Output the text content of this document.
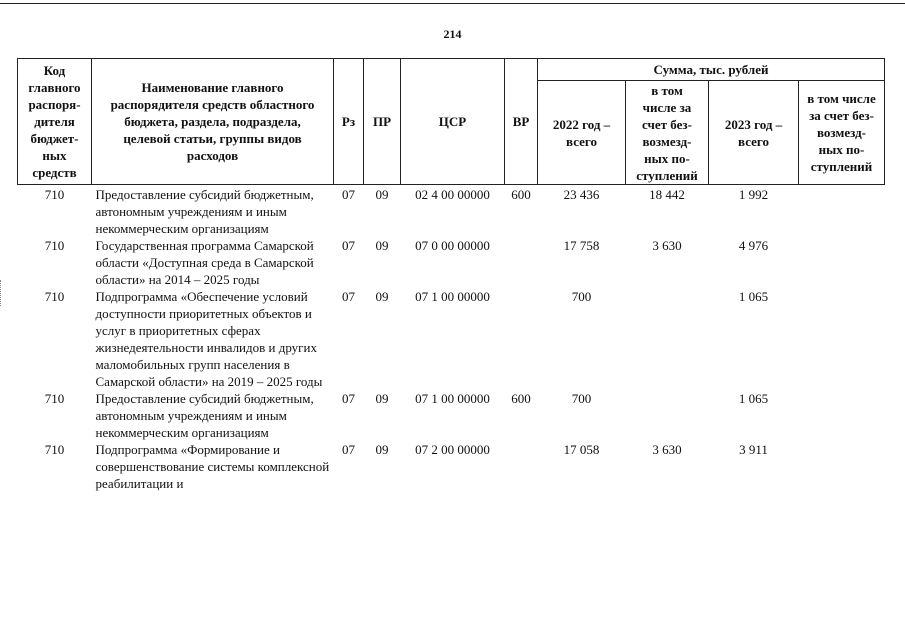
214
Код главного распоря-дителя бюджет-ных средств	Наименование главного распорядителя средств областного бюджета, раздела, подраздела, целевой статьи, группы видов расходов	Рз	ПР	ЦСР	ВР	Сумма, тыс. рублей			
						2022 год – всего	в том числе за счет без-возмезд-ных по-ступлений	2023 год – всего	в том числе за счет без-возмезд-ных по-ступлений
710	Предоставление субсидий бюджетным, автономным учреждениям и иным некоммерческим организациям	07	09	02 4 00 00000	600	23 436	18 442	1 992	
710	Государственная программа Самарской области «Доступная среда в Самарской области» на 2014 – 2025 годы	07	09	07 0 00 00000		17 758	3 630	4 976	
710	Подпрограмма «Обеспечение условий доступности приоритетных объектов и услуг в приоритетных сферах жизнедеятельности инвалидов и других маломобильных групп населения в Самарской области» на 2019 – 2025 годы	07	09	07 1 00 00000		700		1 065	
710	Предоставление субсидий бюджетным, автономным учреждениям и иным некоммерческим организациям	07	09	07 1 00 00000	600	700		1 065	
710	Подпрограмма «Формирование и совершенствование системы комплексной реабилитации и	07	09	07 2 00 00000		17 058	3 630	3 911	
